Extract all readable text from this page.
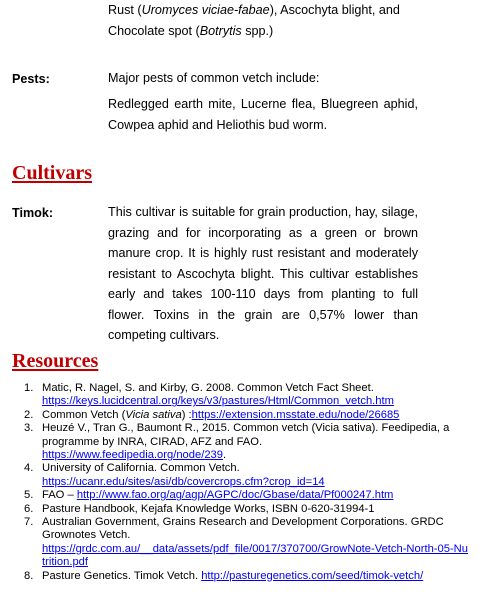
Rust (Uromyces viciae-fabae), Ascochyta blight, and
Chocolate spot (Botrytis spp.)
Pests:	Major pests of common vetch include:
Redlegged earth mite, Lucerne flea, Bluegreen aphid, Cowpea aphid and Heliothis bud worm.
Cultivars
Timok:	This cultivar is suitable for grain production, hay, silage, grazing and for incorporating as a green or brown manure crop. It is highly rust resistant and moderately resistant to Ascochyta blight. This cultivar establishes early and takes 100-110 days from planting to full flower. Toxins in the grain are 0,57% lower than competing cultivars.
Resources
1. Matic, R. Nagel, S. and Kirby, G. 2008. Common Vetch Fact Sheet.
https://keys.lucidcentral.org/keys/v3/pastures/Html/Common_vetch.htm
2. Common Vetch (Vicia sativa) :https://extension.msstate.edu/node/26685
3. Heuzé V., Tran G., Baumont R., 2015. Common vetch (Vicia sativa). Feedipedia, a programme by INRA, CIRAD, AFZ and FAO.
https://www.feedipedia.org/node/239.
4. University of California. Common Vetch.
https://ucanr.edu/sites/asi/db/covercrops.cfm?crop_id=14
5. FAO – http://www.fao.org/ag/agp/AGPC/doc/Gbase/data/Pf000247.htm
6. Pasture Handbook, Kejafa Knowledge Works, ISBN 0-620-31994-1
7. Australian Government, Grains Research and Development Corporations. GRDC Grownotes Vetch.
https://grdc.com.au/__data/assets/pdf_file/0017/370700/GrowNote-Vetch-North-05-Nutrition.pdf
8. Pasture Genetics. Timok Vetch. http://pasturegenetics.com/seed/timok-vetch/
